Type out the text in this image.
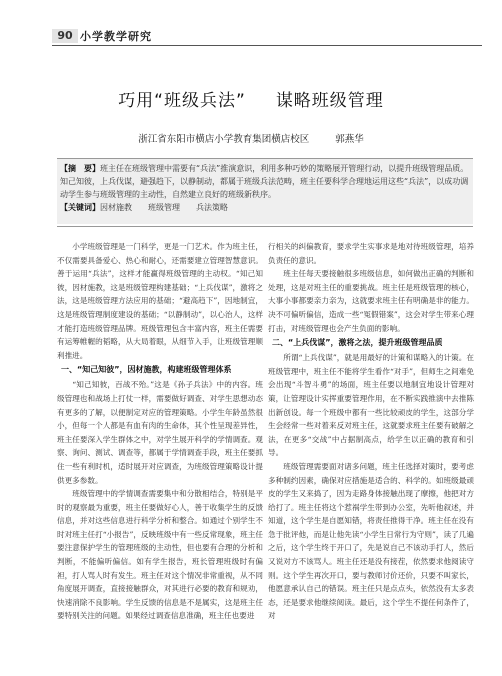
90 小学教学研究
巧用“班级兵法” 谋略班级管理
浙江省东阳市横店小学教育集团横店校区	郭燕华
【摘　要】班主任在班级管理中需要有“兵法”推演意识，利用多种巧妙的策略展开管理行动，以提升班级管理品质。知己知彼，上兵伐谋，避强趋下，以静制动，都属于班级兵法范畴，班主任要科学合理地运用这些“兵法”，以成功调动学生参与班级管理的主动性，自然建立良好的班级新秩序。
【关键词】因材施教　　班级管理　　兵法策略

小学班级管理是一门科学，更是一门艺术。作为班主任，不仅需要具备爱心、热心和耐心，还需要建立管理智慧意识。善于运用“兵法”，这样才能赢得班级管理的主动权。“知己知彼，因材施教，这是班级管理构建基础；“上兵伐谋”，激将之法，这是班级管理方法应用的基础；“避高趋下”，因地制宜，这是班级管理制度建设的基础；“以静制动”，以心治人，这样才能打造班级管理品牌。班级管理包含丰富内容，班主任需要有运筹帷幄的韬略，从大局着眼，从细节入手，让班级管理顺利推进。

一、“知己知彼”，因材施教，构建班级管理体系

“知己知彼，百战不殆。”这是《孙子兵法》中的内容。班级管理也和战场上打仗一样，需要做好调查、对学生思想动态有更多的了解，以便制定对应的管理策略。小学生年龄虽然很小，但每一个人都是有血有肉的生命体，其个性呈现差异性，班主任要深入学生群体之中，对学生展开科学的学情调查。观察、询问、测试、调查等，都属于学情调查手段，班主任要抓住一些有利时机，适时展开对应调查，为班级管理策略设计提供更多参数。

班级管理中的学情调查需要集中和分散相结合，特别是平时的观察最为重要，班主任要做好心人，善于收集学生的反馈信息，并对这些信息进行科学分析和整合。如通过个别学生不时对班主任打“小报告”，反映班级中有一些反常现象，班主任要注意保护学生的管理班级的主动性，但也要有合理的分析和判断，不能偏听偏信。如有学生报告，班长管理班级时有偏袒，打人骂人时有发生。班主任对这个情况非常重视，从不同角度展开调查，直接接触群众，对其进行必要的教育和规劝，快速消除不良影响。学生反馈的信息是不是属实，这是班主任要特别关注的问题。如果经过调查信息准确，班主任也要进

行相关的纠偏教育，要求学生实事求是地对待班级管理，培养负责任的意识。

班主任每天要接触很多班级信息，如何做出正确的判断和处理，这是对班主任的重要挑战。班主任是班级管理的核心，大事小事都要亲力亲为，这就要求班主任有明确是非的能力。决不可偏听偏信，造成一些“冤假错案”，这会对学生带来心理打击，对班级管理也会产生负面的影响。

二、“上兵伐谋”，激将之法，提升班级管理品质

所谓“上兵伐谋”，就是用最好的计策和谋略入的计策。在班级管理中，班主任不能将学生看作“对手”，但师生之间难免会出现“斗智斗勇”的场面，班主任要以地制宜地设计管理对策，让管理设计实挥重要管理作用，在不断实践推演中去推陈出新创设。每一个班级中都有一些比较顽皮的学生，这部分学生会经常一些对着来反对班主任，这就要求班主任要有破解之法，在更多“交战”中占据制高点，给学生以正确的教育和引导。

班级管理需要面对诸多问题，班主任选择对策时，要考虑多种制约因素，确保对应措施是适合的、科学的。如班级最顽皮的学生又来捣了，因为走路身体接触出现了摩擦，他把对方给打了。班主任将这个惹祸学生带到办公室，先听他叙述，并知道，这个学生是自愿知错，将责任推得干净。班主任在没有急于批评他，而是让他先读“小学生日常行为守则”，读了几遍之后，这个学生终于开口了，先是说自己不该动手打人，然后又说对方不该骂人。班主任还是没有接茬，依然要求他阅读守则。这个学生再次开口，要与教师讨价还价，只要不叫家长，他愿意承认自己的错误。班主任只是点点头，依然没有太多表态，还是要求他继续阅读。最后，这个学生不提任何条件了，对
